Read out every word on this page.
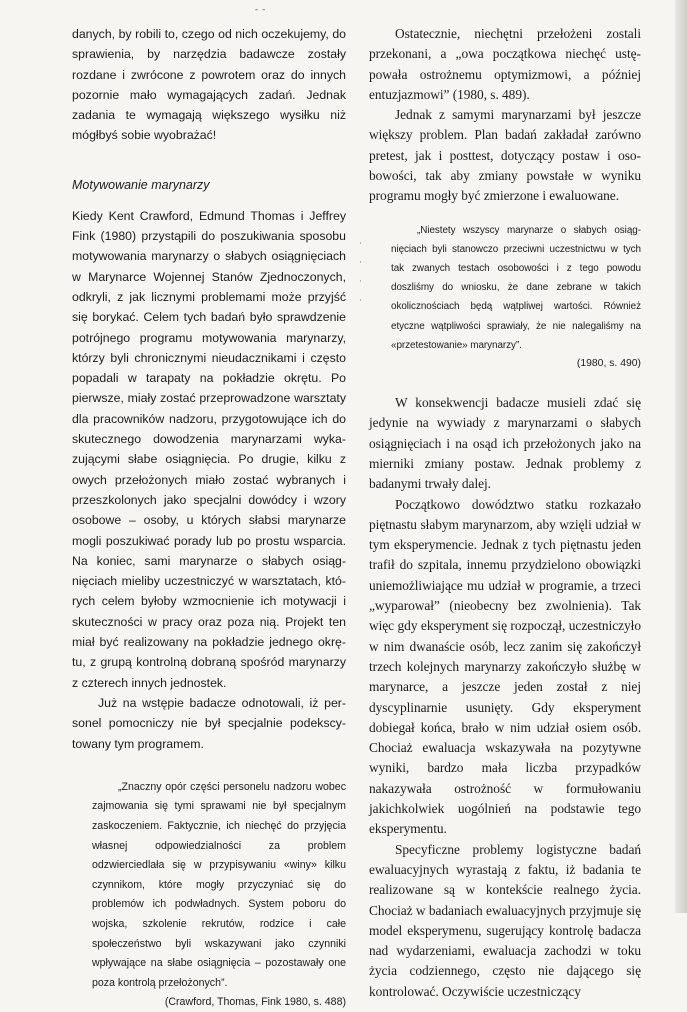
- -

danych, by robili to, czego od nich oczekujemy, do sprawienia, by narzędzia badawcze zostały rozdane i zwrócone z powrotem oraz do innych pozornie mało wymagających zadań. Jednak zadania te wymagają większego wysiłku niż mógłbyś sobie wyobrażać!

Motywowanie marynarzy

Kiedy Kent Crawford, Edmund Thomas i Jeffrey Fink (1980) przystąpili do poszukiwania sposobu motywowania marynarzy o słabych osiągnięciach w Marynarce Wojennej Stanów Zjednoczonych, odkryli, z jak licznymi problemami może przyjść się borykać. Celem tych badań było sprawdzenie potrójnego programu motywowania marynarzy, którzy byli chronicznymi nieudacznikami i często popadali w tarapaty na pokładzie okrętu. Po pierwsze, miały zostać przeprowadzone warsztaty dla pracowników nadzoru, przygotowujące ich do skutecznego dowodzenia marynarzami wykazującymi słabe osiągnięcia. Po drugie, kilku z owych przełożonych miało zostać wybranych i przeszkolonych jako specjalni dowódcy i wzory osobowe – osoby, u których słabsi marynarze mogli poszukiwać porady lub po prostu wsparcia. Na koniec, sami marynarze o słabych osiągnięciach mieliby uczestniczyć w warsztatach, których celem byłoby wzmocnienie ich motywacji i skuteczności w pracy oraz poza nią. Projekt ten miał być realizowany na pokładzie jednego okrętu, z grupą kontrolną dobraną spośród marynarzy z czterech innych jednostek.

Już na wstępie badacze odnotowali, iż personel pomocniczy nie był specjalnie podekscytowany tym programem.

„Znaczny opór części personelu nadzoru wobec zajmowania się tymi sprawami nie był specjalnym zaskoczeniem. Faktycznie, ich niechęć do przyjęcia własnej odpowiedzialności za problem odzwierciedlała się w przypisywaniu «winy» kilku czynnikom, które mogły przyczyniać się do problemów ich podwładnych. System poboru do wojska, szkolenie rekrutów, rodzice i całe społeczeństwo byli wskazywani jako czynniki wpływające na słabe osiągnięcia – pozostawały one poza kontrolą przełożonych”.

(Crawford, Thomas, Fink 1980, s. 488)
·
·
·
·

Ostatecznie, niechętni przełożeni zostali przekonani, a „owa początkowa niechęć ustępowała ostrożnemu optymizmowi, a później entuzjazmowi” (1980, s. 489).

Jednak z samymi marynarzami był jeszcze większy problem. Plan badań zakładał zarówno pretest, jak i posttest, dotyczący postaw i osobowości, tak aby zmiany powstałe w wyniku programu mogły być zmierzone i ewaluowane.

„Niestety wszyscy marynarze o słabych osiągnięciach byli stanowczo przeciwni uczestnictwu w tych tak zwanych testach osobowości i z tego powodu doszliśmy do wniosku, że dane zebrane w takich okolicznościach będą wątpliwej wartości. Również etyczne wątpliwości sprawiały, że nie nalegaliśmy na «przetestowanie» marynarzy”.

(1980, s. 490)

W konsekwencji badacze musieli zdać się jedynie na wywiady z marynarzami o słabych osiągnięciach i na osąd ich przełożonych jako na mierniki zmiany postaw. Jednak problemy z badanymi trwały dalej.

Początkowo dowództwo statku rozkazało piętnastu słabym marynarzom, aby wzięli udział w tym eksperymencie. Jednak z tych piętnastu jeden trafił do szpitala, innemu przydzielono obowiązki uniemożliwiające mu udział w programie, a trzeci „wyparował” (nieobecny bez zwolnienia). Tak więc gdy eksperyment się rozpoczął, uczestniczyło w nim dwanaście osób, lecz zanim się zakończył trzech kolejnych marynarzy zakończyło służbę w marynarce, a jeszcze jeden został z niej dyscyplinarnie usunięty. Gdy eksperyment dobiegał końca, brało w nim udział osiem osób. Chociaż ewaluacja wskazywała na pozytywne wyniki, bardzo mała liczba przypadków nakazywała ostrożność w formułowaniu jakichkolwiek uogólnień na podstawie tego eksperymentu.

Specyficzne problemy logistyczne badań ewaluacyjnych wyrastają z faktu, iż badania te realizowane są w kontekście realnego życia. Chociaż w badaniach ewaluacyjnych przyjmuje się model eksperymenu, sugerujący kontrolę badacza nad wydarzeniami, ewaluacja zachodzi w toku życia codziennego, często nie dającego się kontrolować. Oczywiście uczestniczący
